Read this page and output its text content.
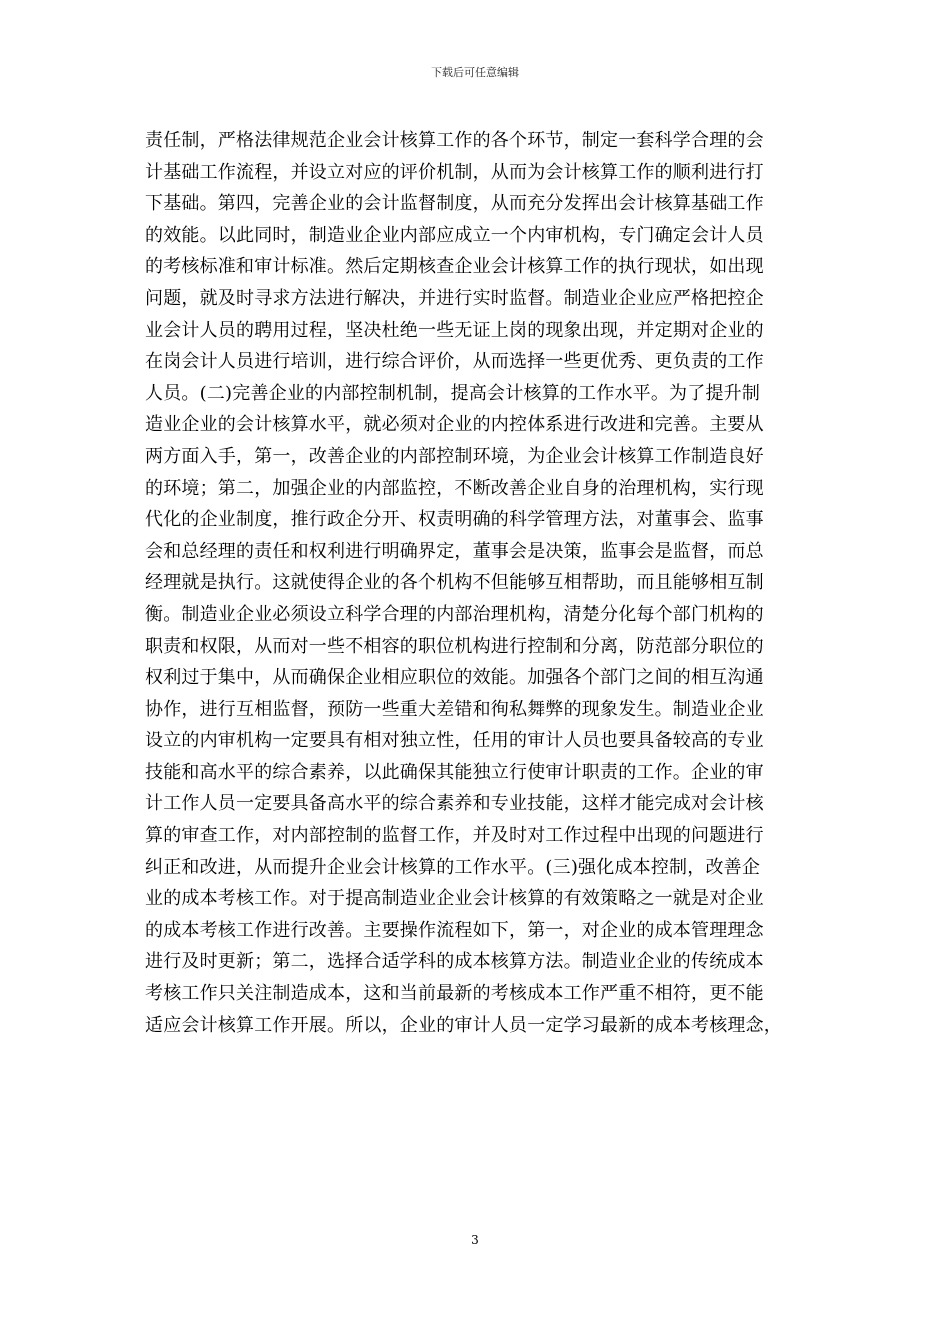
下载后可任意编辑
责任制，严格法律规范企业会计核算工作的各个环节，制定一套科学合理的会
计基础工作流程，并设立对应的评价机制，从而为会计核算工作的顺利进行打
下基础。第四，完善企业的会计监督制度，从而充分发挥出会计核算基础工作
的效能。以此同时，制造业企业内部应成立一个内审机构，专门确定会计人员
的考核标准和审计标准。然后定期核查企业会计核算工作的执行现状，如出现
问题，就及时寻求方法进行解决，并进行实时监督。制造业企业应严格把控企
业会计人员的聘用过程，坚决杜绝一些无证上岗的现象出现，并定期对企业的
在岗会计人员进行培训，进行综合评价，从而选择一些更优秀、更负责的工作
人员。(二)完善企业的内部控制机制，提高会计核算的工作水平。为了提升制
造业企业的会计核算水平，就必须对企业的内控体系进行改进和完善。主要从
两方面入手，第一，改善企业的内部控制环境，为企业会计核算工作制造良好
的环境；第二，加强企业的内部监控，不断改善企业自身的治理机构，实行现
代化的企业制度，推行政企分开、权责明确的科学管理方法，对董事会、监事
会和总经理的责任和权利进行明确界定，董事会是决策，监事会是监督，而总
经理就是执行。这就使得企业的各个机构不但能够互相帮助，而且能够相互制
衡。制造业企业必须设立科学合理的内部治理机构，清楚分化每个部门机构的
职责和权限，从而对一些不相容的职位机构进行控制和分离，防范部分职位的
权利过于集中，从而确保企业相应职位的效能。加强各个部门之间的相互沟通
协作，进行互相监督，预防一些重大差错和徇私舞弊的现象发生。制造业企业
设立的内审机构一定要具有相对独立性，任用的审计人员也要具备较高的专业
技能和高水平的综合素养，以此确保其能独立行使审计职责的工作。企业的审
计工作人员一定要具备高水平的综合素养和专业技能，这样才能完成对会计核
算的审查工作，对内部控制的监督工作，并及时对工作过程中出现的问题进行
纠正和改进，从而提升企业会计核算的工作水平。(三)强化成本控制，改善企
业的成本考核工作。对于提高制造业企业会计核算的有效策略之一就是对企业
的成本考核工作进行改善。主要操作流程如下，第一，对企业的成本管理理念
进行及时更新；第二，选择合适学科的成本核算方法。制造业企业的传统成本
考核工作只关注制造成本，这和当前最新的考核成本工作严重不相符，更不能
适应会计核算工作开展。所以，企业的审计人员一定学习最新的成本考核理念，
3
